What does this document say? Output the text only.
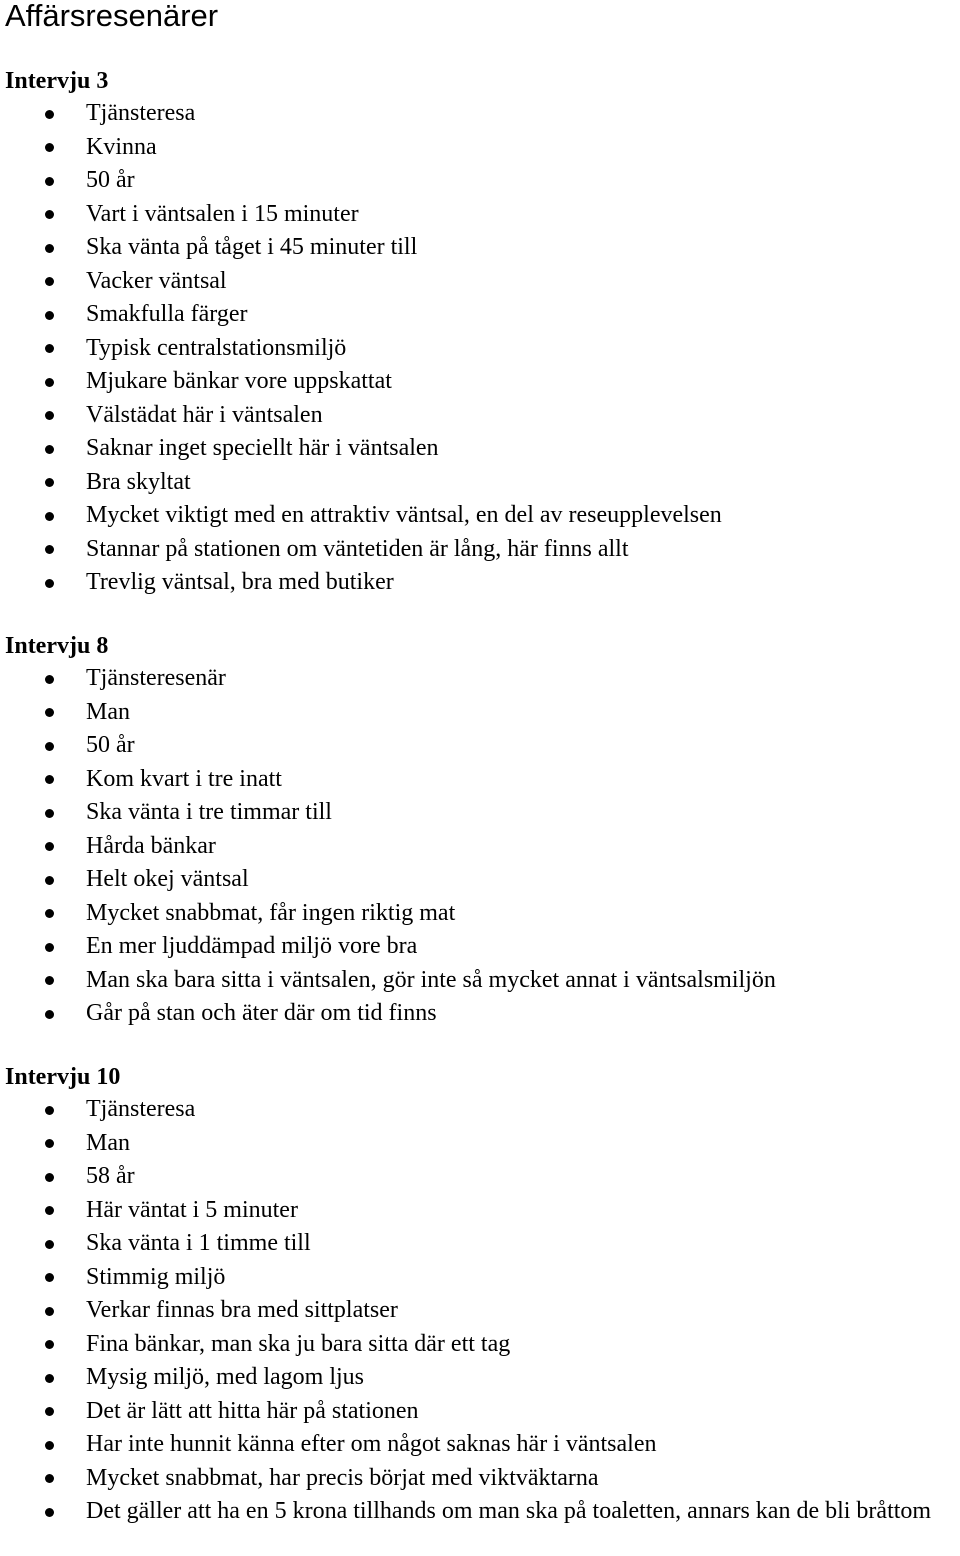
Affärsresenärer
Intervju 3
Tjänsteresa
Kvinna
50 år
Vart i väntsalen i 15 minuter
Ska vänta på tåget i 45 minuter till
Vacker väntsal
Smakfulla färger
Typisk centralstationsmiljö
Mjukare bänkar vore uppskattat
Välstädat här i väntsalen
Saknar inget speciellt här i väntsalen
Bra skyltat
Mycket viktigt med en attraktiv väntsal, en del av reseupplevelsen
Stannar på stationen om väntetiden är lång, här finns allt
Trevlig väntsal, bra med butiker
Intervju 8
Tjänsteresenär
Man
50 år
Kom kvart i tre inatt
Ska vänta i tre timmar till
Hårda bänkar
Helt okej väntsal
Mycket snabbmat, får ingen riktig mat
En mer ljuddämpad miljö vore bra
Man ska bara sitta i väntsalen, gör inte så mycket annat i väntsalsmiljön
Går på stan och äter där om tid finns
Intervju 10
Tjänsteresa
Man
58 år
Här väntat i 5 minuter
Ska vänta i 1 timme till
Stimmig miljö
Verkar finnas bra med sittplatser
Fina bänkar, man ska ju bara sitta där ett tag
Mysig miljö, med lagom ljus
Det är lätt att hitta här på stationen
Har inte hunnit känna efter om något saknas här i väntsalen
Mycket snabbmat, har precis börjat med viktväktarna
Det gäller att ha en 5 krona tillhands om man ska på toaletten, annars kan de bli bråttom
